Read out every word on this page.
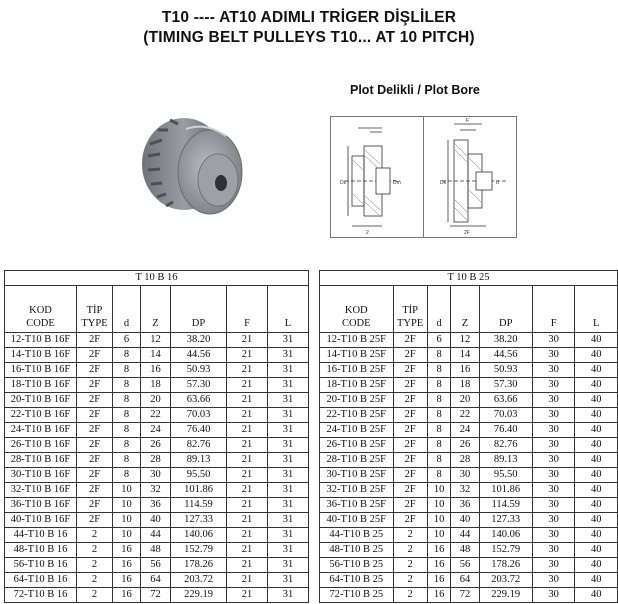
T10 ---- AT10 ADIMLI TRİGER DİŞLİLER
(TIMING BELT PULLEYS T10... AT 10 PITCH)
Plot Delikli / Plot Bore
Dk	Dm
2
Dk	d
2F
F
T 10 B 16						
KOD
CODE	TİP
TYPE	d	Z	DP	F	L
12-T10 B 16F	2F	6	12	38.20	21	31
14-T10 B 16F	2F	8	14	44.56	21	31
16-T10 B 16F	2F	8	16	50.93	21	31
18-T10 B 16F	2F	8	18	57.30	21	31
20-T10 B 16F	2F	8	20	63.66	21	31
22-T10 B 16F	2F	8	22	70.03	21	31
24-T10 B 16F	2F	8	24	76.40	21	31
26-T10 B 16F	2F	8	26	82.76	21	31
28-T10 B 16F	2F	8	28	89.13	21	31
30-T10 B 16F	2F	8	30	95.50	21	31
32-T10 B 16F	2F	10	32	101.86	21	31
36-T10 B 16F	2F	10	36	114.59	21	31
40-T10 B 16F	2F	10	40	127.33	21	31
44-T10 B 16	2	10	44	140.06	21	31
48-T10 B 16	2	16	48	152.79	21	31
56-T10 B 16	2	16	56	178.26	21	31
64-T10 B 16	2	16	64	203.72	21	31
72-T10 B 16	2	16	72	229.19	21	31
T 10 B 25						
KOD
CODE	TİP
TYPE	d	Z	DP	F	L
12-T10 B 25F	2F	6	12	38.20	30	40
14-T10 B 25F	2F	8	14	44.56	30	40
16-T10 B 25F	2F	8	16	50.93	30	40
18-T10 B 25F	2F	8	18	57.30	30	40
20-T10 B 25F	2F	8	20	63.66	30	40
22-T10 B 25F	2F	8	22	70.03	30	40
24-T10 B 25F	2F	8	24	76.40	30	40
26-T10 B 25F	2F	8	26	82.76	30	40
28-T10 B 25F	2F	8	28	89.13	30	40
30-T10 B 25F	2F	8	30	95.50	30	40
32-T10 B 25F	2F	10	32	101.86	30	40
36-T10 B 25F	2F	10	36	114.59	30	40
40-T10 B 25F	2F	10	40	127.33	30	40
44-T10 B 25	2	10	44	140.06	30	40
48-T10 B 25	2	16	48	152.79	30	40
56-T10 B 25	2	16	56	178.26	30	40
64-T10 B 25	2	16	64	203.72	30	40
72-T10 B 25	2	16	72	229.19	30	40
